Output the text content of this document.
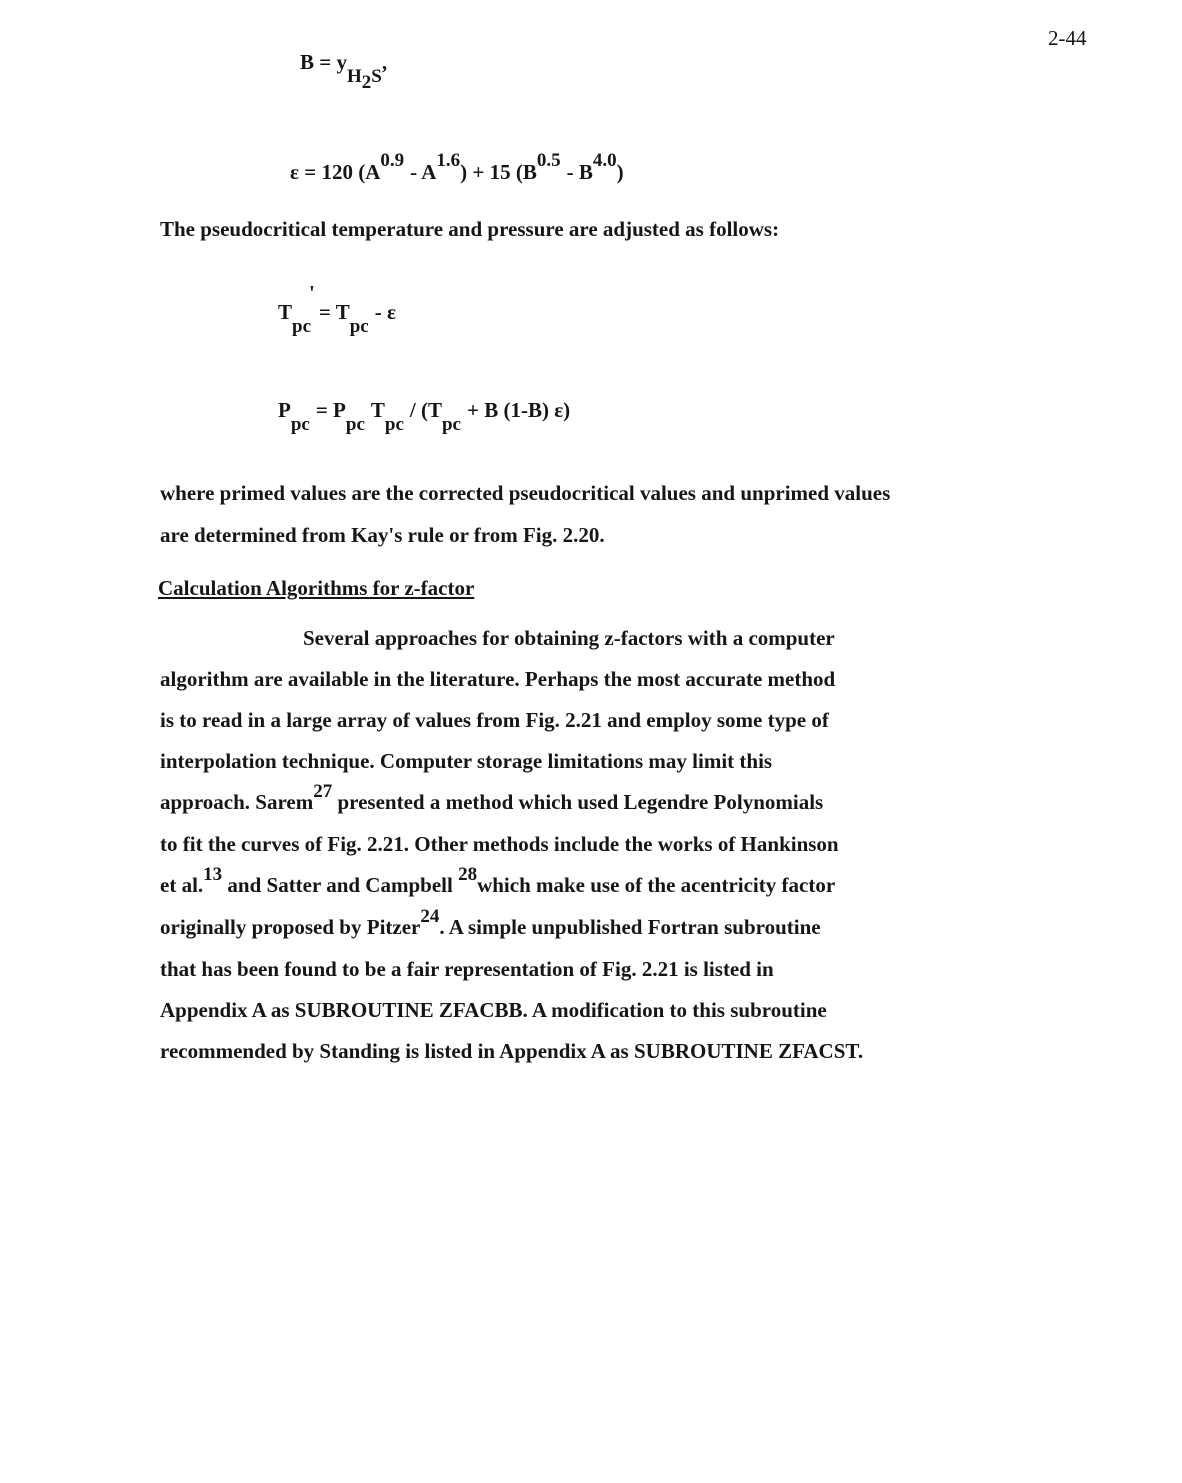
2-44
$B = y_{H_2S}$,
ε = 120 $(A^{0.9} - A^{1.6}) + 15$ $(B^{0.5} - B^{4.0})$
The pseudocritical temperature and pressure are adjusted as follows:
$T_{pc}'= T_{pc}-$ ε
$P_{pc}= P_{pc}T_{pc}/$ ($T_{pc}+ B$ (1-B) ε)
where primed values are the corrected pseudocritical values and unprimed values
are determined from Kay's rule or from Fig. 2.20.
Calculation Algorithms for z-factor
Several approaches for obtaining z-factors with a computer
algorithm are available in the literature. Perhaps the most accurate method
is to read in a large array of values from Fig. 2.21 and employ some type of
interpolation technique. Computer storage limitations may limit this
approach. Sarem$^{27}$ presented a method which used Legendre Polynomials
to fit the curves of Fig. 2.21. Other methods include the works of Hankinson
et al.$^{13}$ and Satter and Campbell $^{28}$which make use of the acentricity factor
originally proposed by Pitzer$^{24}$. A simple unpublished Fortran subroutine
that has been found to be a fair representation of Fig. 2.21 is listed in
Appendix A as SUBROUTINE ZFACBB. A modification to this subroutine
recommended by Standing is listed in Appendix A as SUBROUTINE ZFACST.
